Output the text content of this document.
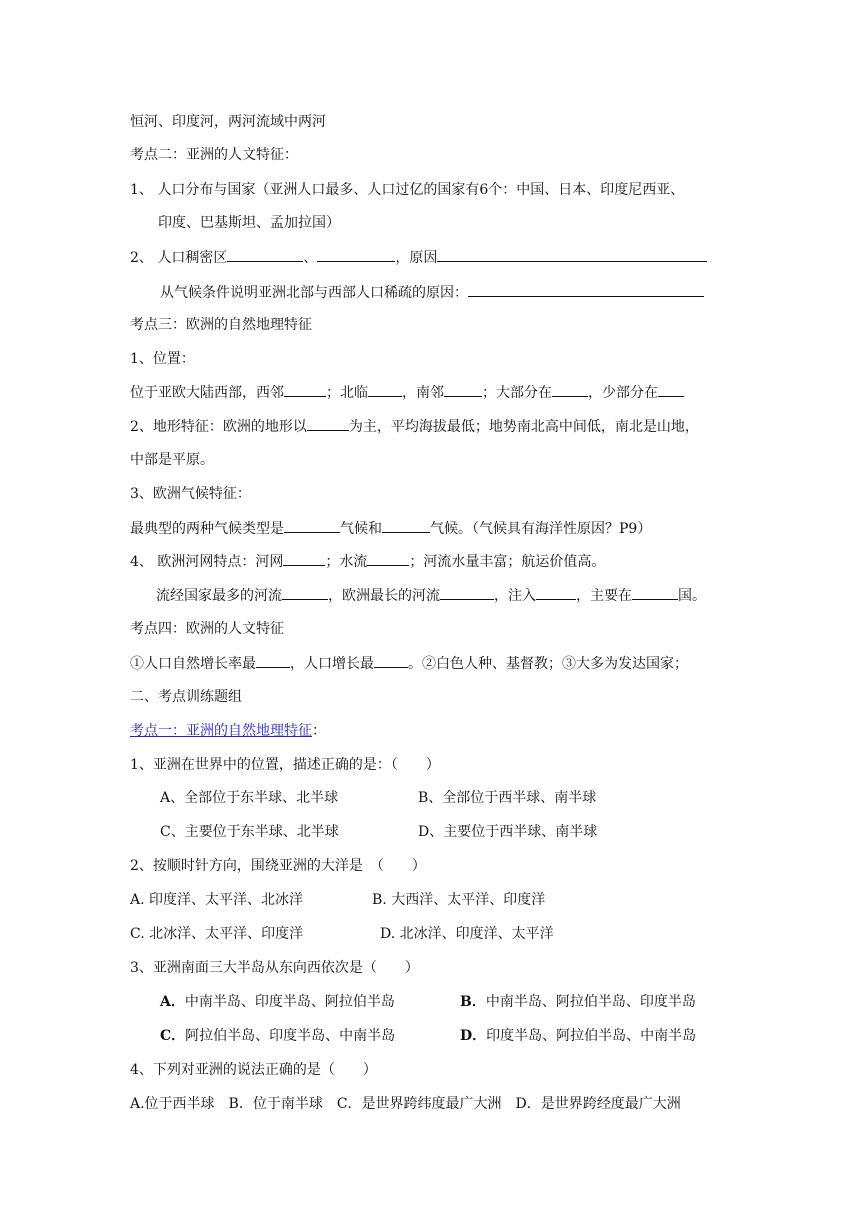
恒河、印度河，两河流域中两河
考点二：亚洲的人文特征：
1、 人口分布与国家（亚洲人口最多、人口过亿的国家有6个：中国、日本、印度尼西亚、
印度、巴基斯坦、孟加拉国）
2、 人口稠密区	、	，原因
从气候条件说明亚洲北部与西部人口稀疏的原因：
考点三：欧洲的自然地理特征
1、位置：
位于亚欧大陆西部，西邻	；北临 ，南邻	；大部分在	，少部分在
2、地形特征：欧洲的地形以	为主，平均海拔最低；地势南北高中间低，南北是山地，
中部是平原。
3、欧洲气候特征：
最典型的两种气候类型是	气候和	气候。（气候具有海洋性原因？P9）
4、 欧洲河网特点：河网	；水流	；河流水量丰富；航运价值高。
流经国家最多的河流	，欧洲最长的河流	，注入	，主要在	国。
考点四：欧洲的人文特征
①人口自然增长率最 ，人口增长最 。②白色人种、基督教；③大多为发达国家；
二、考点训练题组
考点一：亚洲的自然地理特征：
1、亚洲在世界中的位置，描述正确的是：（　　）
A、全部位于东半球、北半球	B、全部位于西半球、南半球
C、主要位于东半球、北半球	D、主要位于西半球、南半球
2、按顺时针方向，围绕亚洲的大洋是　（　　）
A. 印度洋、太平洋、北冰洋	B. 大西洋、太平洋、印度洋
C. 北冰洋、太平洋、印度洋	D. 北冰洋、印度洋、太平洋
3、亚洲南面三大半岛从东向西依次是（　　）
A．中南半岛、印度半岛、阿拉伯半岛	B．中南半岛、阿拉伯半岛、印度半岛
C．阿拉伯半岛、印度半岛、中南半岛	D．印度半岛、阿拉伯半岛、中南半岛
4、下列对亚洲的说法正确的是（　　）
A.位于西半球　B．位于南半球　C．是世界跨纬度最广大洲　D．是世界跨经度最广大洲
